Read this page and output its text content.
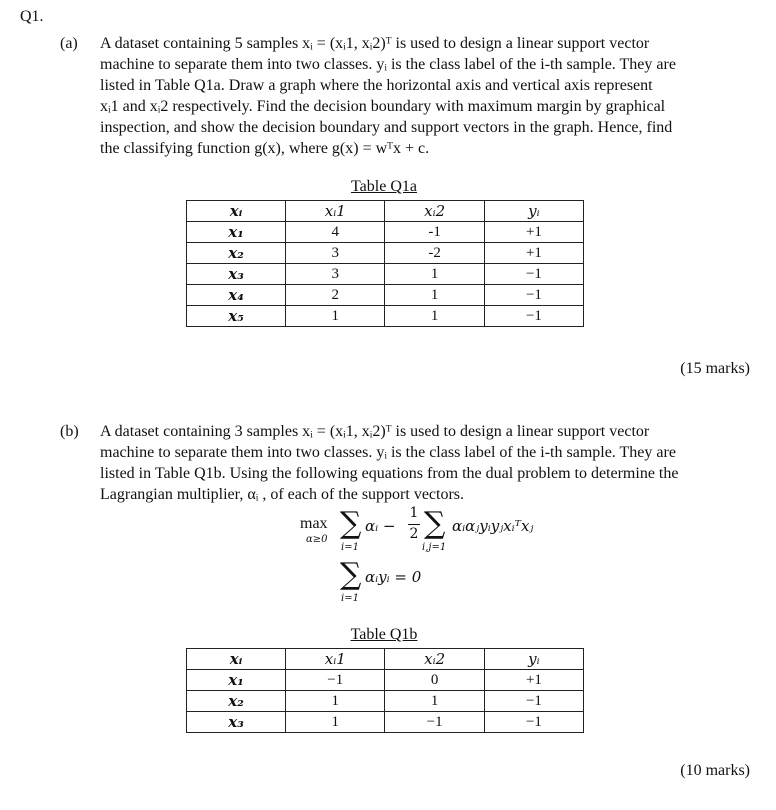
Q1.
(a) A dataset containing 5 samples xᵢ = (xᵢ1, xᵢ2)ᵀ is used to design a linear support vector
machine to separate them into two classes. yᵢ is the class label of the i-th sample. They are
listed in Table Q1a. Draw a graph where the horizontal axis and vertical axis represent
xᵢ1 and xᵢ2 respectively. Find the decision boundary with maximum margin by graphical
inspection, and show the decision boundary and support vectors in the graph. Hence, find
the classifying function g(x), where g(x) = wᵀx + c.
Table Q1a
xᵢ	xᵢ1	xᵢ2	yᵢ
x₁	4	-1	+1
x₂	3	-2	+1
x₃	3	1	−1
x₄	2	1	−1
x₅	1	1	−1
(15 marks)
(b) A dataset containing 3 samples xᵢ = (xᵢ1, xᵢ2)ᵀ is used to design a linear support vector
machine to separate them into two classes. yᵢ is the class label of the i-th sample. They are
listed in Table Q1b. Using the following equations from the dual problem to determine the
Lagrangian multiplier, αᵢ , of each of the support vectors.
max
α≥0 ∑
i=1
αᵢ −
1
2 ∑
i,j=1
αᵢαⱼyᵢyⱼxᵢᵀxⱼ
∑
i=1
αᵢyᵢ = 0
Table Q1b
xᵢ	xᵢ1	xᵢ2	yᵢ
x₁	−1	0	+1
x₂	1	1	−1
x₃	1	−1	−1
(10 marks)
